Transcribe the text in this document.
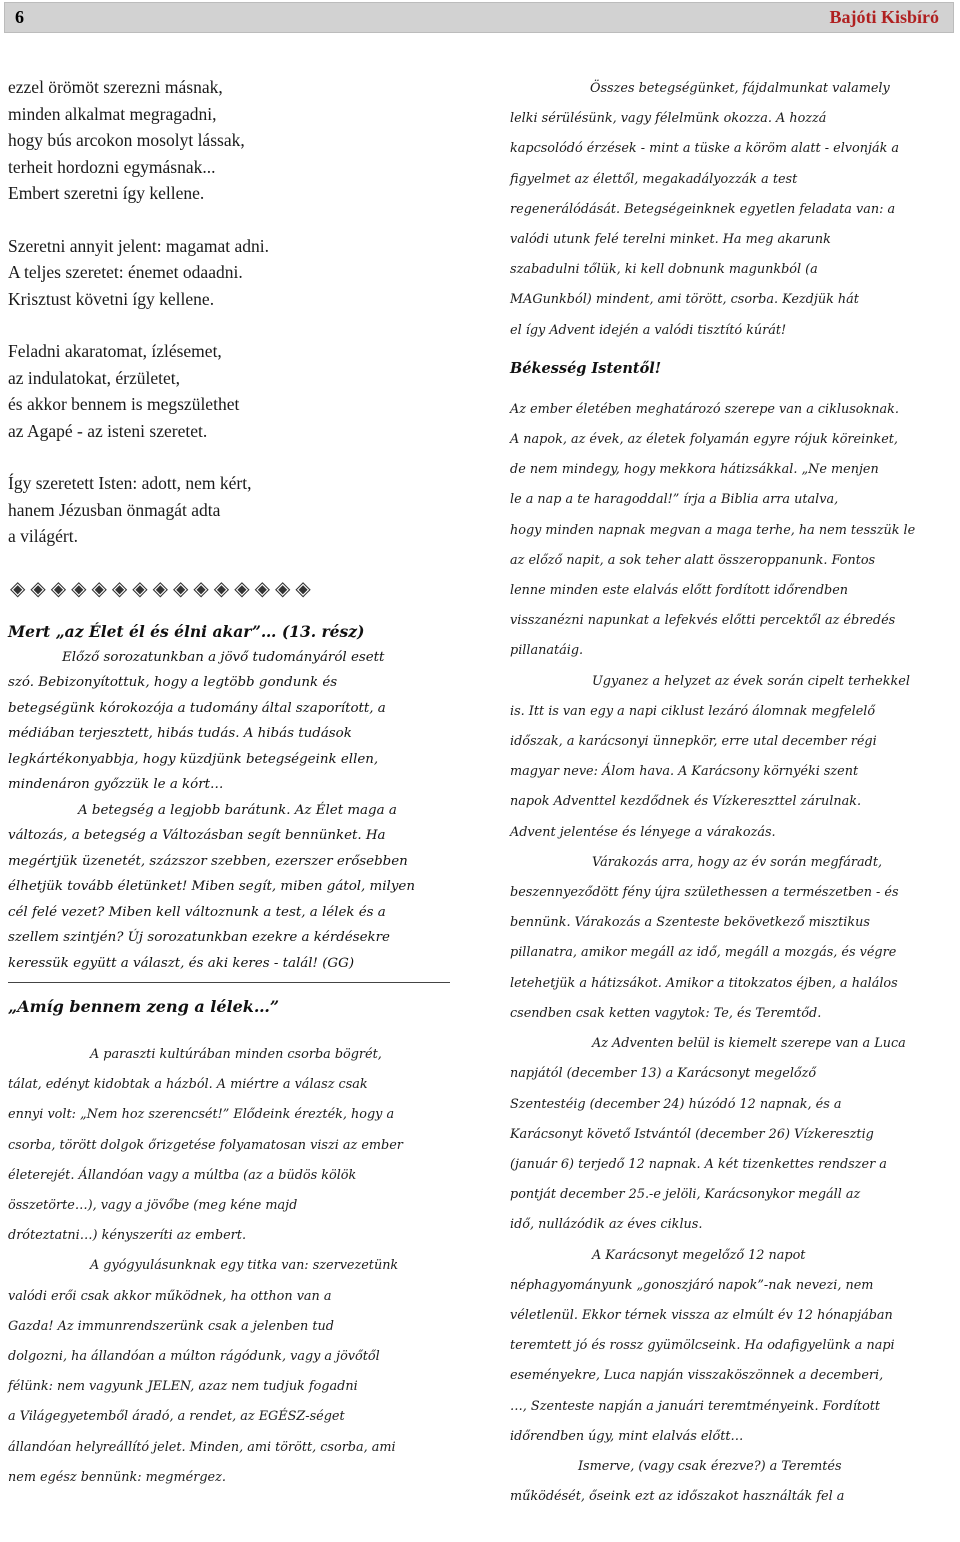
6	Bajóti Kisbíró
ezzel örömöt szerezni másnak,
minden alkalmat megragadni,
hogy bús arcokon mosolyt lássak,
terheit hordozni egymásnak...
Embert szeretni így kellene.
Szeretni annyit jelent: magamat adni.
A teljes szeretet: énemet odaadni.
Krisztust követni így kellene.
Feladni akaratomat, ízlésemet,
az indulatokat, érzületet,
és akkor bennem is megszülethet
az Agapé - az isteni szeretet.
Így szeretett Isten: adott, nem kért,
hanem Jézusban önmagát adta
a világért.
◈◈◈◈◈◈◈◈◈◈◈◈◈◈◈
Mert „az Élet él és élni akar”… (13. rész)
Előző sorozatunkban a jövő tudományáról esett
szó. Bebizonyítottuk, hogy a legtöbb gondunk és
betegségünk kórokozója a tudomány által szaporított, a
médiában terjesztett, hibás tudás. A hibás tudások
legkártékonyabbja, hogy küzdjünk betegségeink ellen,
mindenáron győzzük le a kórt…
A betegség a legjobb barátunk. Az Élet maga a
változás, a betegség a Változásban segít bennünket. Ha
megértjük üzenetét, százszor szebben, ezerszer erősebben
élhetjük tovább életünket! Miben segít, miben gátol, milyen
cél felé vezet? Miben kell változnunk a test, a lélek és a
szellem szintjén? Új sorozatunkban ezekre a kérdésekre
keressük együtt a választ, és aki keres - talál! (GG)
„Amíg bennem zeng a lélek…”
A paraszti kultúrában minden csorba bögrét,
tálat, edényt kidobtak a házból. A miértre a válasz csak
ennyi volt: „Nem hoz szerencsét!” Elődeink érezték, hogy a
csorba, törött dolgok őrizgetése folyamatosan viszi az ember
életerejét. Állandóan vagy a múltba (az a büdös kölök
összetörte…), vagy a jövőbe (meg kéne majd
dróteztatni…) kényszeríti az embert.
A gyógyulásunknak egy titka van: szervezetünk
valódi erői csak akkor működnek, ha otthon van a
Gazda! Az immunrendszerünk csak a jelenben tud
dolgozni, ha állandóan a múlton rágódunk, vagy a jövőtől
félünk: nem vagyunk JELEN, azaz nem tudjuk fogadni
a Világegyetemből áradó, a rendet, az EGÉSZ-séget
állandóan helyreállító jelet. Minden, ami törött, csorba, ami
nem egész bennünk: megmérgez.
Összes betegségünket, fájdalmunkat valamely
lelki sérülésünk, vagy félelmünk okozza. A hozzá
kapcsolódó érzések - mint a tüske a köröm alatt - elvonják a
figyelmet az élettől, megakadályozzák a test
regenerálódását. Betegségeinknek egyetlen feladata van: a
valódi utunk felé terelni minket. Ha meg akarunk
szabadulni tőlük, ki kell dobnunk magunkból (a
MAGunkból) mindent, ami törött, csorba. Kezdjük hát
el így Advent idején a valódi tisztító kúrát!
Békesség Istentől!
Az ember életében meghatározó szerepe van a ciklusoknak.
A napok, az évek, az életek folyamán egyre rójuk köreinket,
de nem mindegy, hogy mekkora hátizsákkal. „Ne menjen
le a nap a te haragoddal!” írja a Biblia arra utalva,
hogy minden napnak megvan a maga terhe, ha nem tesszük le
az előző napit, a sok teher alatt összeroppanunk. Fontos
lenne minden este elalvás előtt fordított időrendben
visszanézni napunkat a lefekvés előtti percektől az ébredés
pillanatáig.
Ugyanez a helyzet az évek során cipelt terhekkel
is. Itt is van egy a napi ciklust lezáró álomnak megfelelő
időszak, a karácsonyi ünnepkör, erre utal december régi
magyar neve: Álom hava. A Karácsony környéki szent
napok Adventtel kezdődnek és Vízkereszttel zárulnak.
Advent jelentése és lényege a várakozás.
Várakozás arra, hogy az év során megfáradt,
beszennyeződött fény újra születhessen a természetben - és
bennünk. Várakozás a Szenteste bekövetkező misztikus
pillanatra, amikor megáll az idő, megáll a mozgás, és végre
letehetjük a hátizsákot. Amikor a titokzatos éjben, a halálos
csendben csak ketten vagytok: Te, és Teremtőd.
Az Adventen belül is kiemelt szerepe van a Luca
napjától (december 13) a Karácsonyt megelőző
Szentestéig (december 24) húzódó 12 napnak, és a
Karácsonyt követő Istvántól (december 26) Vízkeresztig
(január 6) terjedő 12 napnak. A két tizenkettes rendszer a
pontját december 25.-e jelöli, Karácsonykor megáll az
idő, nullázódik az éves ciklus.
A Karácsonyt megelőző 12 napot
néphagyományunk „gonoszjáró napok”-nak nevezi, nem
véletlenül. Ekkor térnek vissza az elmúlt év 12 hónapjában
teremtett jó és rossz gyümölcseink. Ha odafigyelünk a napi
eseményekre, Luca napján visszaköszönnek a decemberi,
…, Szenteste napján a januári teremtményeink. Fordított
időrendben úgy, mint elalvás előtt…
Ismerve, (vagy csak érezve?) a Teremtés
működését, őseink ezt az időszakot használták fel a
